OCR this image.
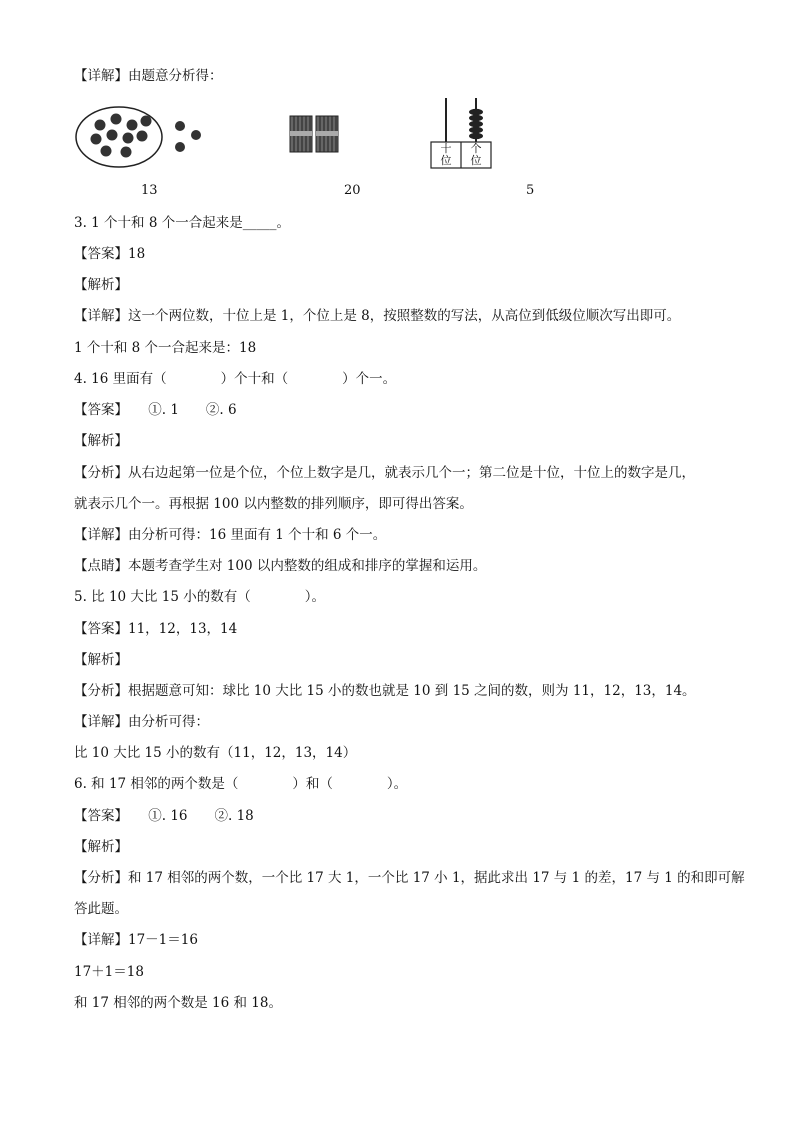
【详解】由题意分析得：
十位
个位
13	20	5
3. 1 个十和 8 个一合起来是_____。
【答案】18
【解析】
【详解】这一个两位数，十位上是 1，个位上是 8，按照整数的写法，从高位到低级位顺次写出即可。
1 个十和 8 个一合起来是：18
4. 16 里面有（　　　　）个十和（　　　　）个一。
【答案】　　①. 1　　②. 6
【解析】
【分析】从右边起第一位是个位，个位上数字是几，就表示几个一；第二位是十位，十位上的数字是几，
就表示几个一。再根据 100 以内整数的排列顺序，即可得出答案。
【详解】由分析可得：16 里面有 1 个十和 6 个一。
【点睛】本题考查学生对 100 以内整数的组成和排序的掌握和运用。
5. 比 10 大比 15 小的数有（　　　　）。
【答案】11，12，13，14
【解析】
【分析】根据题意可知：球比 10 大比 15 小的数也就是 10 到 15 之间的数，则为 11，12，13，14。
【详解】由分析可得：
比 10 大比 15 小的数有（11，12，13，14）
6. 和 17 相邻的两个数是（　　　　）和（　　　　）。
【答案】　　①. 16　　②. 18
【解析】
【分析】和 17 相邻的两个数，一个比 17 大 1，一个比 17 小 1，据此求出 17 与 1 的差，17 与 1 的和即可解
答此题。
【详解】17－1＝16
17＋1＝18
和 17 相邻的两个数是 16 和 18。
